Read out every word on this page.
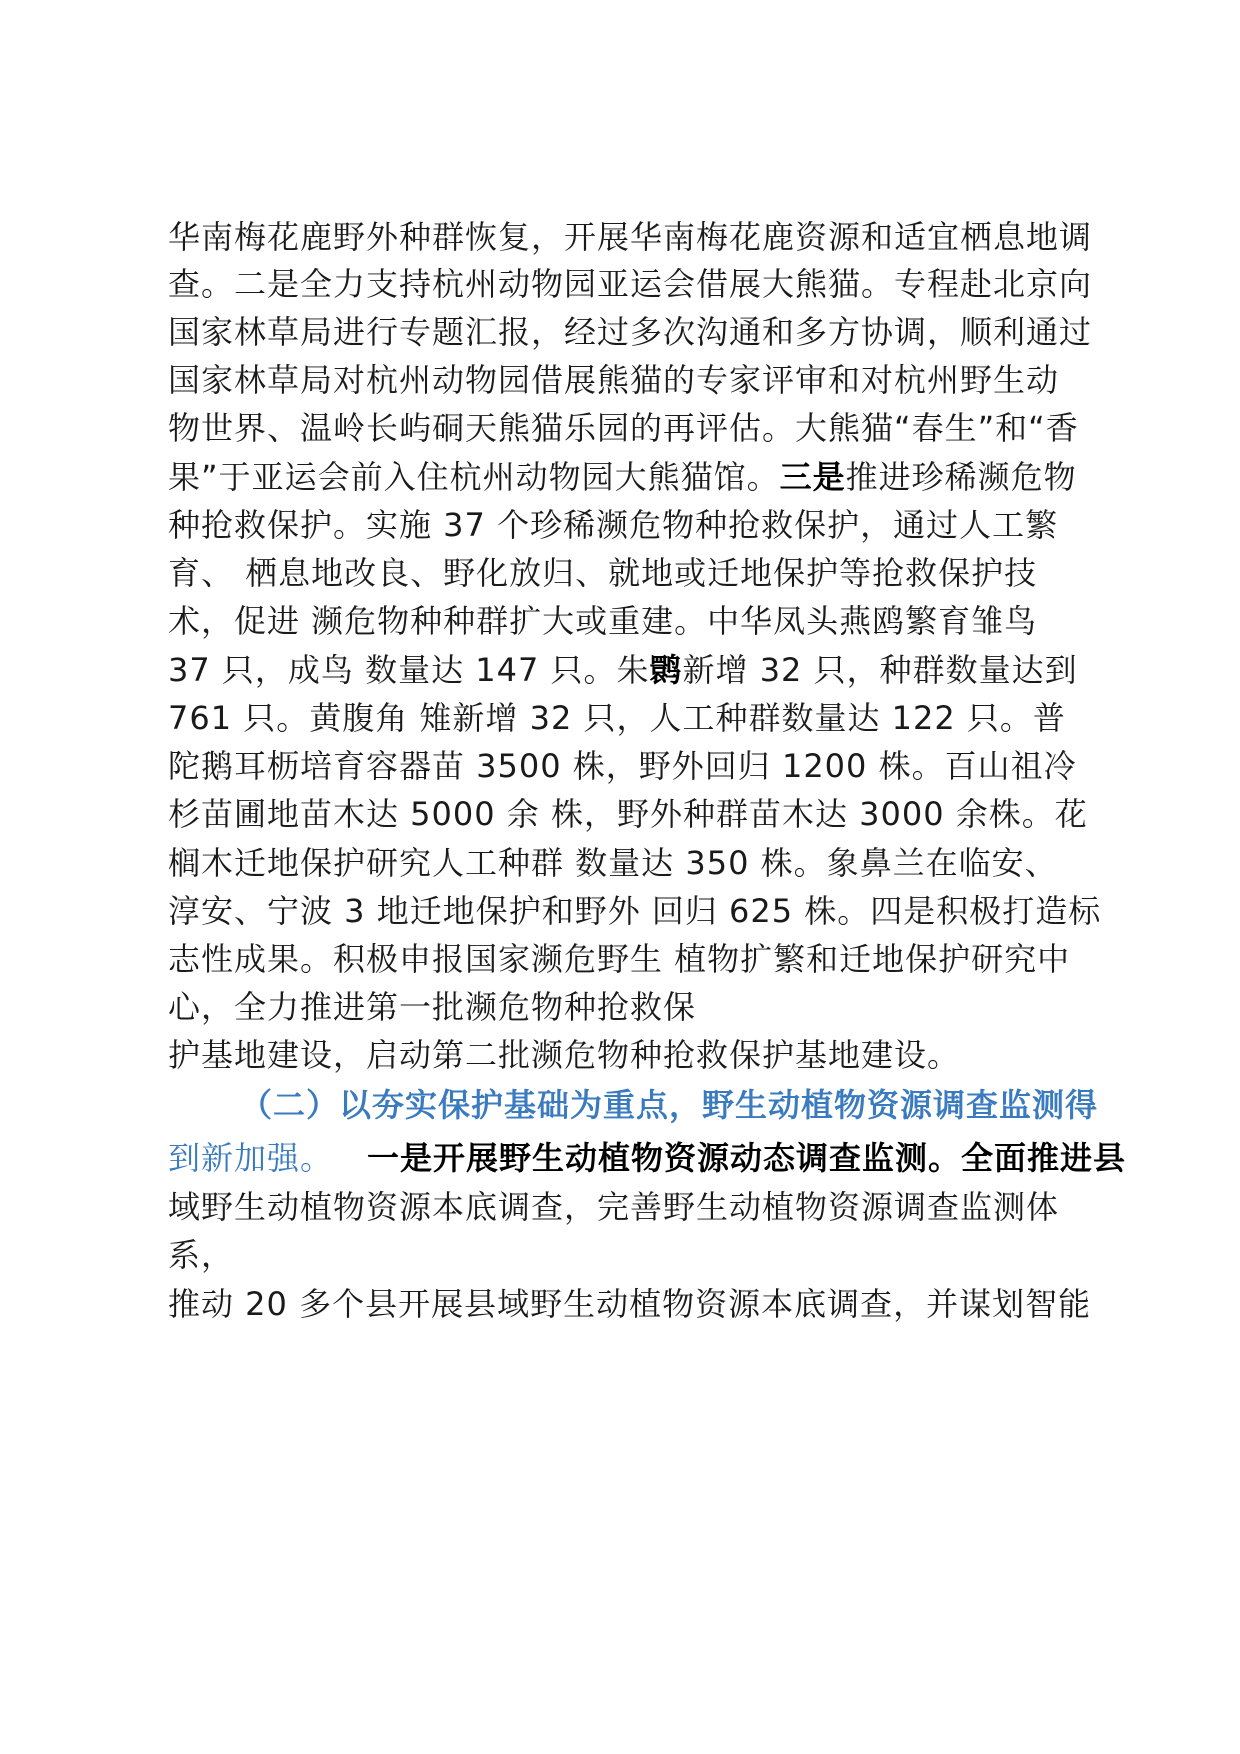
华南梅花鹿野外种群恢复，开展华南梅花鹿资源和适宜栖息地调
查。二是全力支持杭州动物园亚运会借展大熊猫。专程赴北京向
国家林草局进行专题汇报，经过多次沟通和多方协调，顺利通过
国家林草局对杭州动物园借展熊猫的专家评审和对杭州野生动
物世界、温岭长屿硐天熊猫乐园的再评估。大熊猫“春生”和“香
果”于亚运会前入住杭州动物园大熊猫馆。三是推进珍稀濒危物
种抢救保护。实施 37 个珍稀濒危物种抢救保护，通过人工繁
育、 栖息地改良、野化放归、就地或迁地保护等抢救保护技
术，促进 濒危物种种群扩大或重建。中华凤头燕鸥繁育雏鸟
37 只，成鸟 数量达 147 只。朱鹮新增 32 只，种群数量达到
761 只。黄腹角 雉新增 32 只，人工种群数量达 122 只。普
陀鹅耳枥培育容器苗 3500 株，野外回归 1200 株。百山祖冷
杉苗圃地苗木达 5000 余 株，野外种群苗木达 3000 余株。花
榈木迁地保护研究人工种群 数量达 350 株。象鼻兰在临安、
淳安、宁波 3 地迁地保护和野外 回归 625 株。四是积极打造标
志性成果。积极申报国家濒危野生 植物扩繁和迁地保护研究中
心，全力推进第一批濒危物种抢救保
护基地建设，启动第二批濒危物种抢救保护基地建设。
（二）以夯实保护基础为重点，野生动植物资源调查监测得
到新加强。 一是开展野生动植物资源动态调查监测。全面推进县
域野生动植物资源本底调查，完善野生动植物资源调查监测体
系，
推动 20 多个县开展县域野生动植物资源本底调查，并谋划智能
